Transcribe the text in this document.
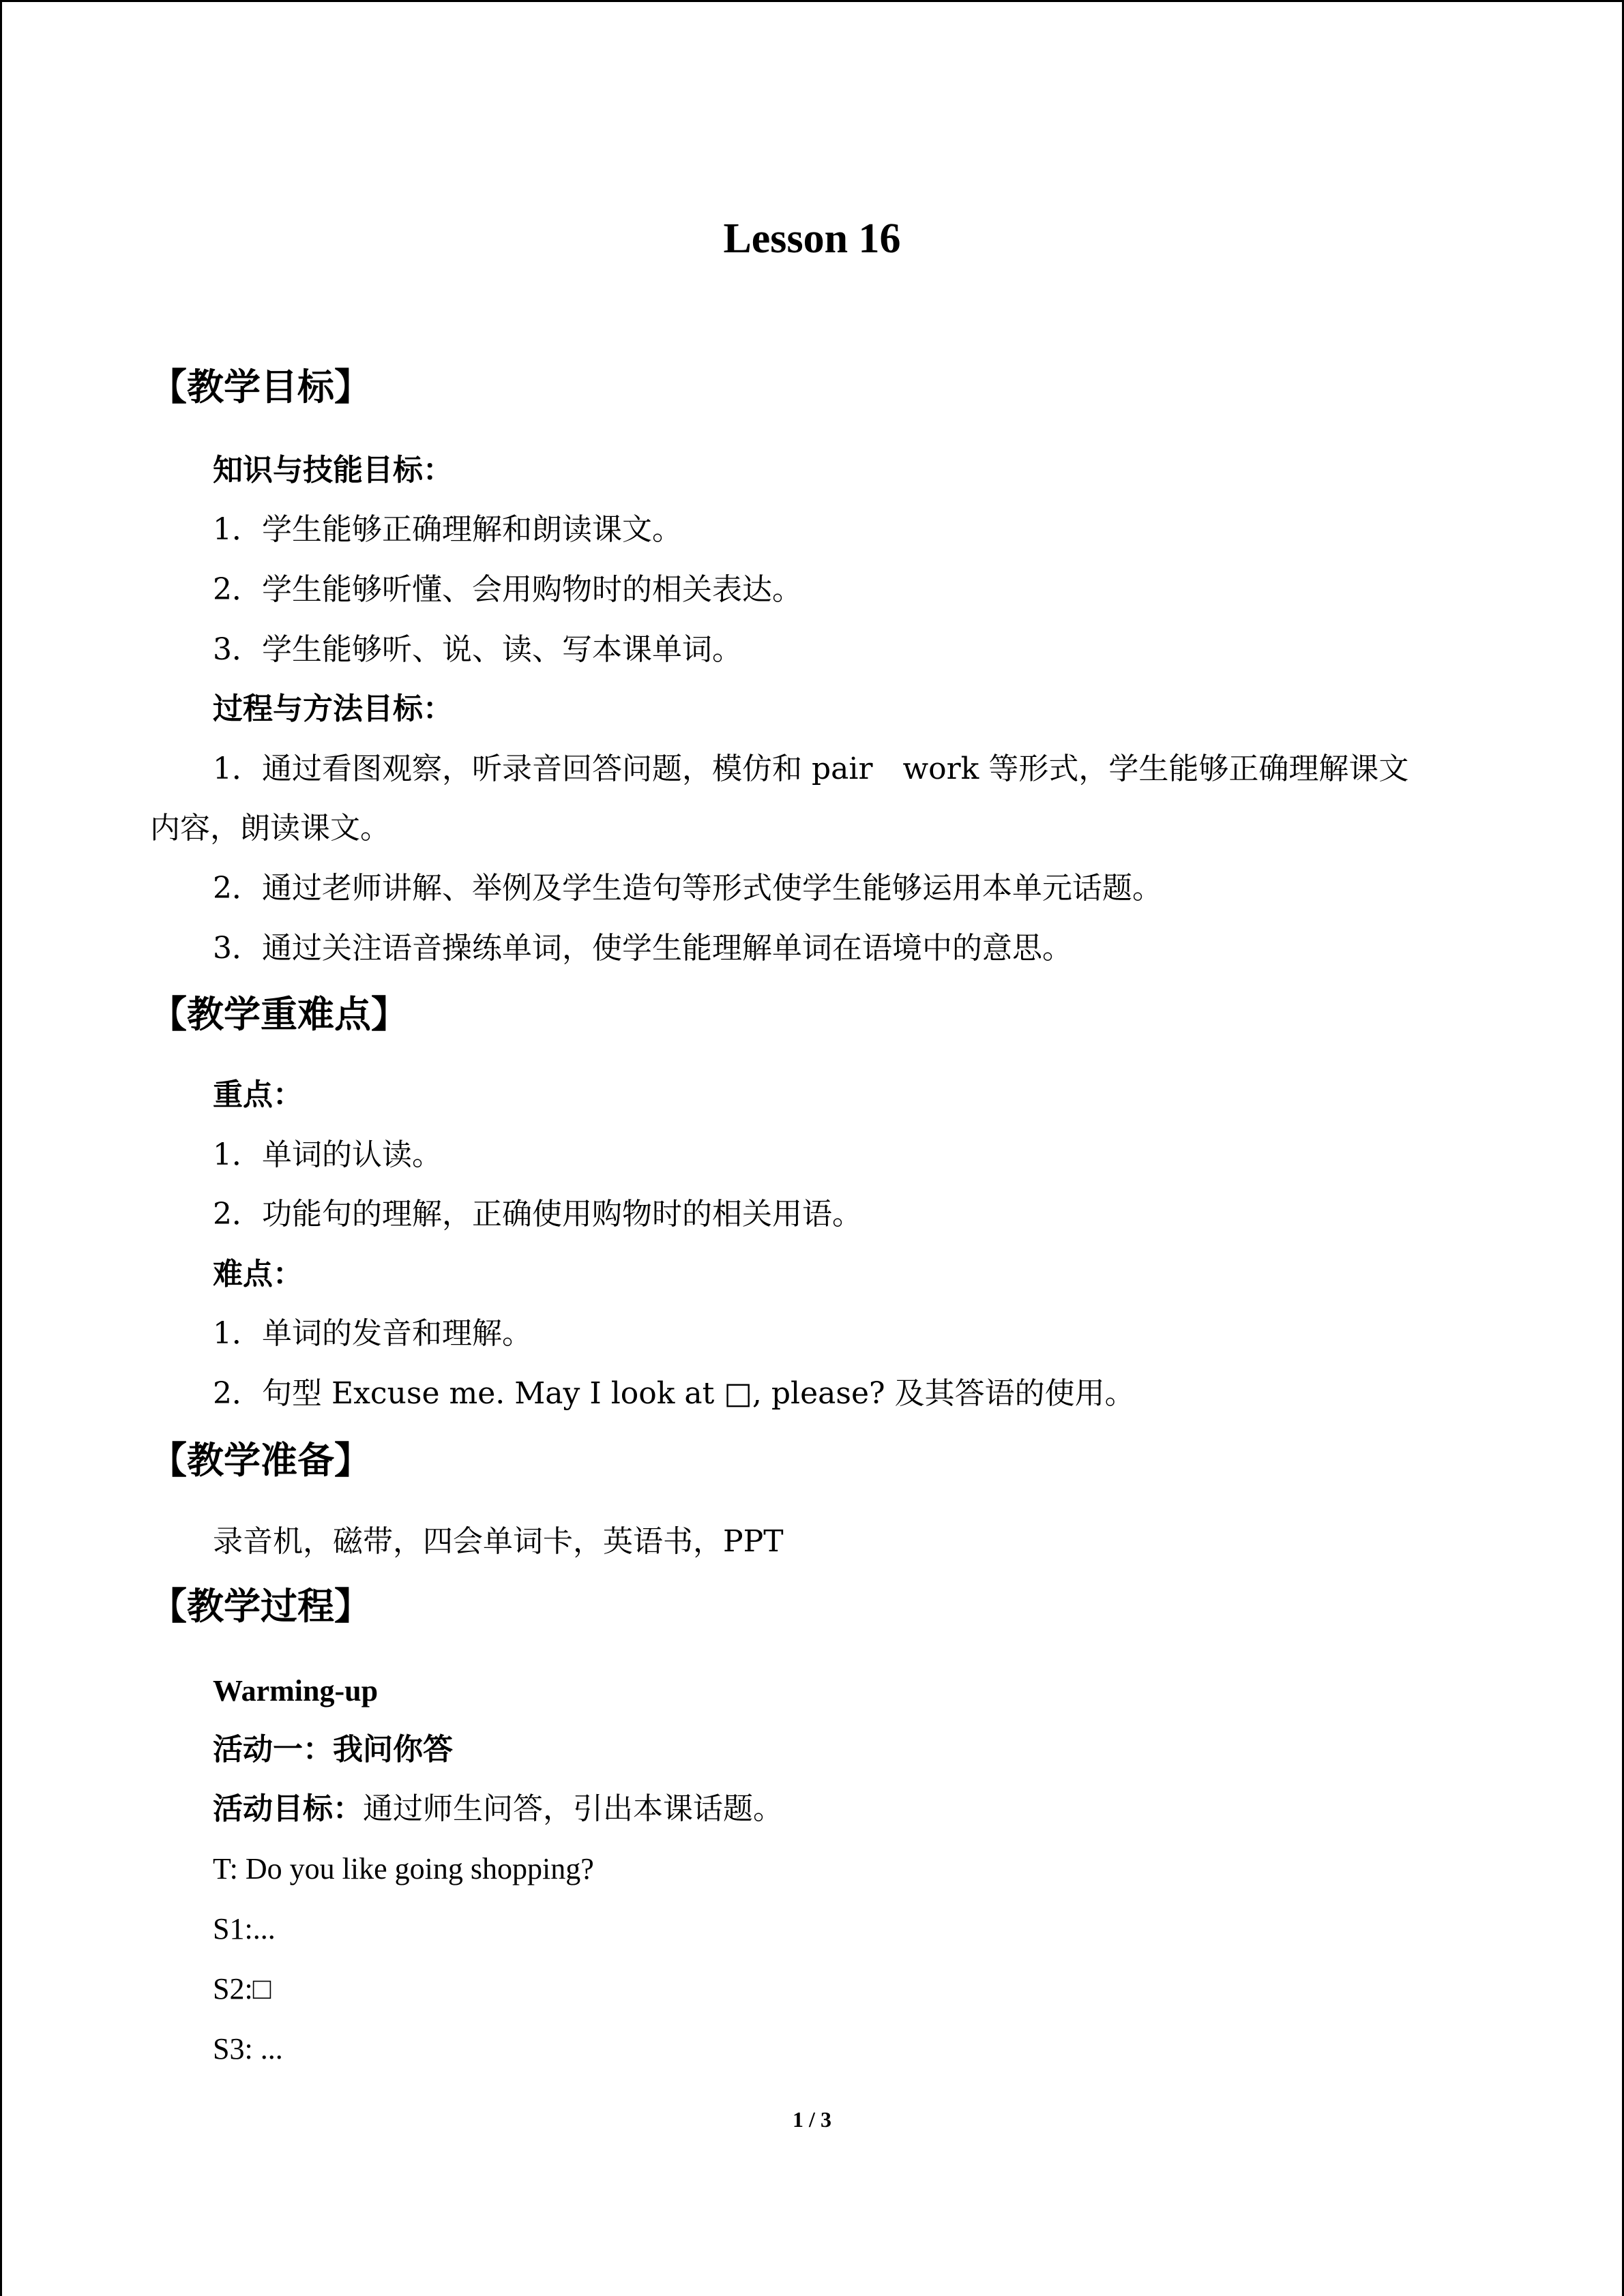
Lesson 16
【教学目标】

知识与技能目标：

1．学生能够正确理解和朗读课文。

2．学生能够听懂、会用购物时的相关表达。

3．学生能够听、说、读、写本课单词。

过程与方法目标：

1．通过看图观察，听录音回答问题，模仿和 pair　work 等形式，学生能够正确理解课文

内容，朗读课文。

2．通过老师讲解、举例及学生造句等形式使学生能够运用本单元话题。

3．通过关注语音操练单词，使学生能理解单词在语境中的意思。

【教学重难点】

重点：

1．单词的认读。

2．功能句的理解，正确使用购物时的相关用语。

难点：

1．单词的发音和理解。

2．句型 Excuse me. May I look at □, please? 及其答语的使用。

【教学准备】

录音机，磁带，四会单词卡，英语书，PPT

【教学过程】

Warming-up

活动一：我问你答

活动目标：通过师生问答，引出本课话题。

T: Do you like going shopping?

S1:...

S2:□

S3: ...

1 / 3
